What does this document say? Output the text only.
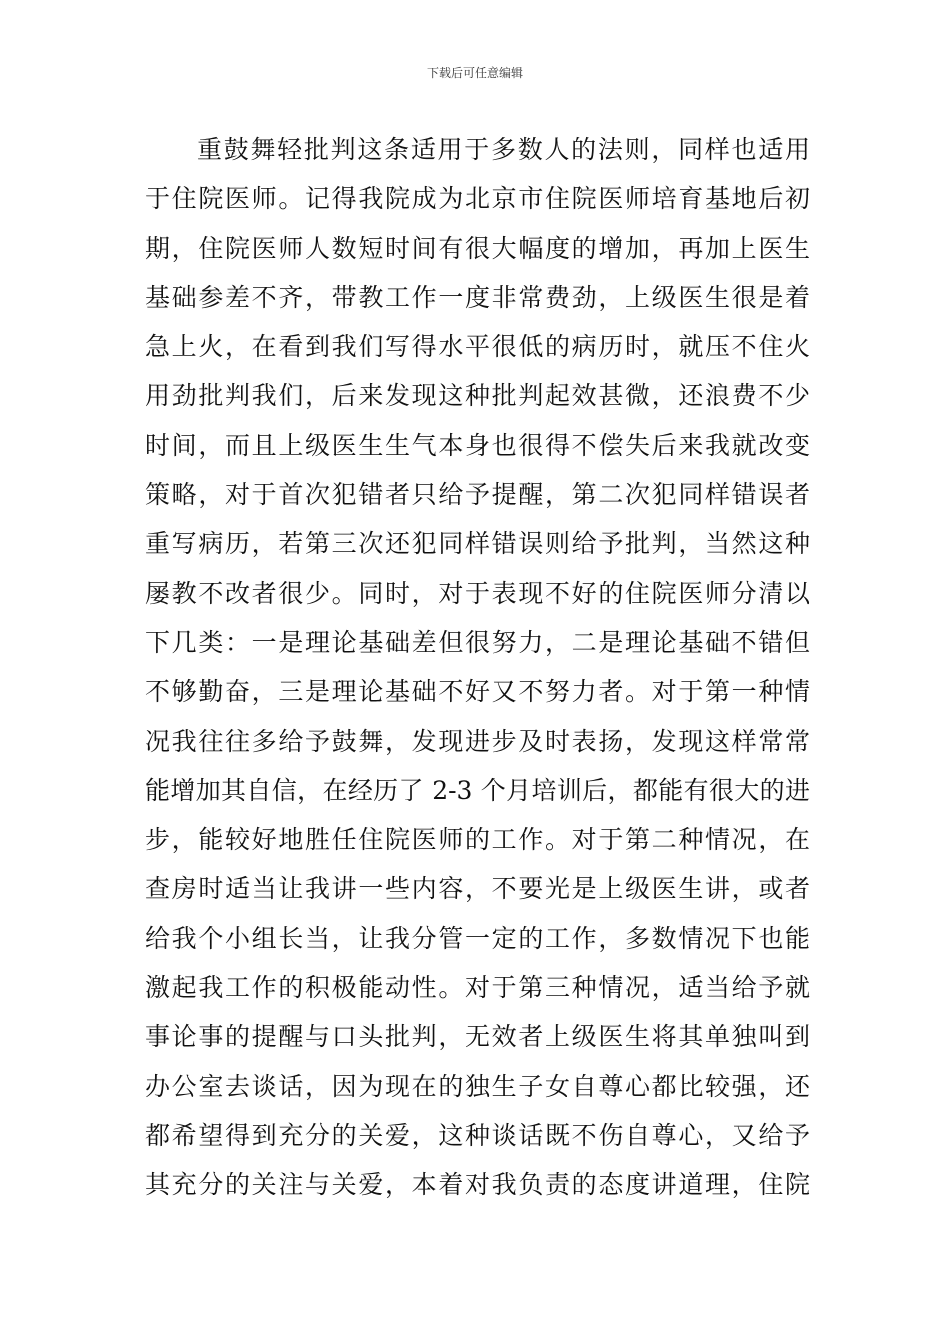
下载后可任意编辑
重鼓舞轻批判这条适用于多数人的法则，同样也适用
于住院医师。记得我院成为北京市住院医师培育基地后初
期，住院医师人数短时间有很大幅度的增加，再加上医生
基础参差不齐，带教工作一度非常费劲，上级医生很是着
急上火，在看到我们写得水平很低的病历时，就压不住火
用劲批判我们，后来发现这种批判起效甚微，还浪费不少
时间，而且上级医生生气本身也很得不偿失后来我就改变
策略，对于首次犯错者只给予提醒，第二次犯同样错误者
重写病历，若第三次还犯同样错误则给予批判，当然这种
屡教不改者很少。同时，对于表现不好的住院医师分清以
下几类：一是理论基础差但很努力，二是理论基础不错但
不够勤奋，三是理论基础不好又不努力者。对于第一种情
况我往往多给予鼓舞，发现进步及时表扬，发现这样常常
能增加其自信，在经历了 2-3 个月培训后，都能有很大的进
步，能较好地胜任住院医师的工作。对于第二种情况，在
查房时适当让我讲一些内容，不要光是上级医生讲，或者
给我个小组长当，让我分管一定的工作，多数情况下也能
激起我工作的积极能动性。对于第三种情况，适当给予就
事论事的提醒与口头批判，无效者上级医生将其单独叫到
办公室去谈话，因为现在的独生子女自尊心都比较强，还
都希望得到充分的关爱，这种谈话既不伤自尊心，又给予
其充分的关注与关爱，本着对我负责的态度讲道理，住院
